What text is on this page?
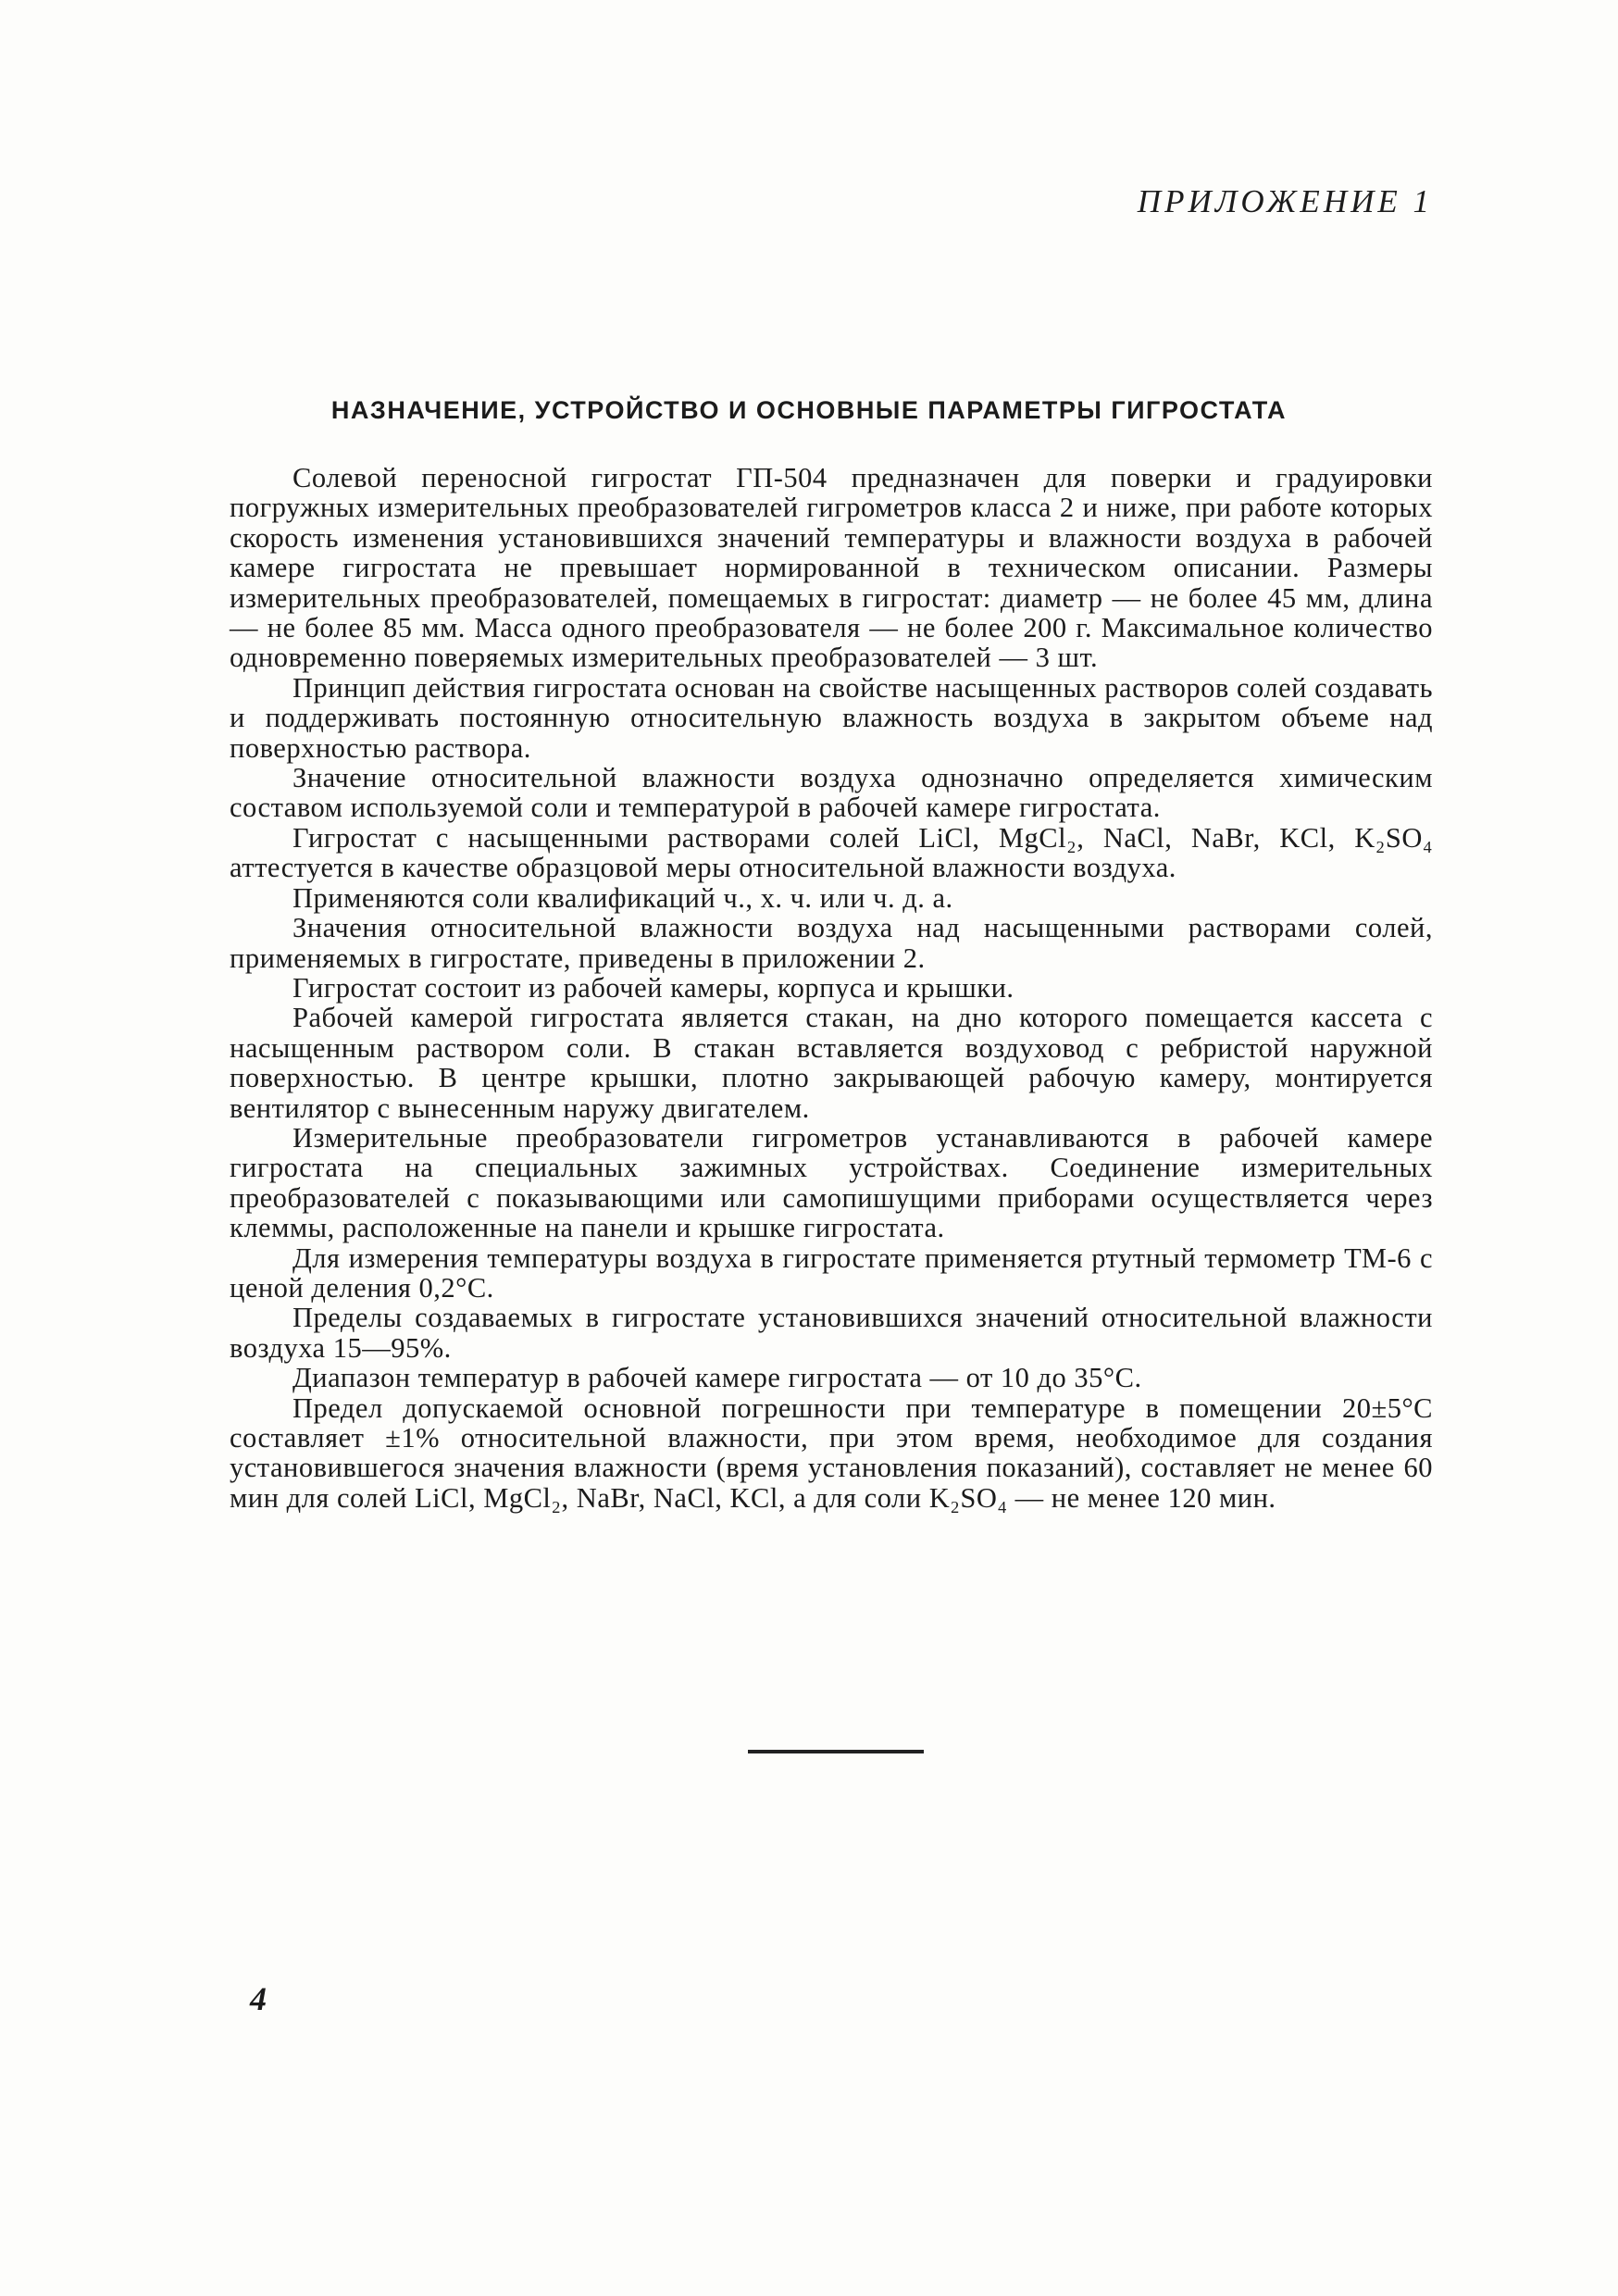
ПРИЛОЖЕНИЕ 1

НАЗНАЧЕНИЕ, УСТРОЙСТВО И ОСНОВНЫЕ ПАРАМЕТРЫ ГИГРОСТАТА

Солевой переносной гигростат ГП-504 предназначен для поверки и градуировки погружных измерительных преобразователей гигрометров класса 2 и ниже, при работе которых скорость изменения установившихся значений температуры и влажности воздуха в рабочей камере гигростата не превышает нормированной в техническом описании. Размеры измерительных преобразователей, помещаемых в гигростат: диаметр — не более 45 мм, длина — не более 85 мм. Масса одного преобразователя — не более 200 г. Максимальное количество одновременно поверяемых измерительных преобразователей — 3 шт.

Принцип действия гигростата основан на свойстве насыщенных растворов солей создавать и поддерживать постоянную относительную влажность воздуха в закрытом объеме над поверхностью раствора.

Значение относительной влажности воздуха однозначно определяется химическим составом используемой соли и температурой в рабочей камере гигростата.

Гигростат с насыщенными растворами солей LiCl, MgCl₂, NaCl, NaBr, KCl, K₂SO₄ аттестуется в качестве образцовой меры относительной влажности воздуха.

Применяются соли квалификаций ч., х. ч. или ч. д. а.

Значения относительной влажности воздуха над насыщенными растворами солей, применяемых в гигростате, приведены в приложении 2.

Гигростат состоит из рабочей камеры, корпуса и крышки.

Рабочей камерой гигростата является стакан, на дно которого помещается кассета с насыщенным раствором соли. В стакан вставляется воздуховод с ребристой наружной поверхностью. В центре крышки, плотно закрывающей рабочую камеру, монтируется вентилятор с вынесенным наружу двигателем.

Измерительные преобразователи гигрометров устанавливаются в рабочей камере гигростата на специальных зажимных устройствах. Соединение измерительных преобразователей с показывающими или самопишущими приборами осуществляется через клеммы, расположенные на панели и крышке гигростата.

Для измерения температуры воздуха в гигростате применяется ртутный термометр ТМ-6 с ценой деления 0,2°С.

Пределы создаваемых в гигростате установившихся значений относительной влажности воздуха 15—95%.

Диапазон температур в рабочей камере гигростата — от 10 до 35°С.

Предел допускаемой основной погрешности при температуре в помещении 20±5°С составляет ±1% относительной влажности, при этом время, необходимое для создания установившегося значения влажности (время установления показаний), составляет не менее 60 мин для солей LiCl, MgCl₂, NaBr, NaCl, KCl, а для соли K₂SO₄ — не менее 120 мин.

4
